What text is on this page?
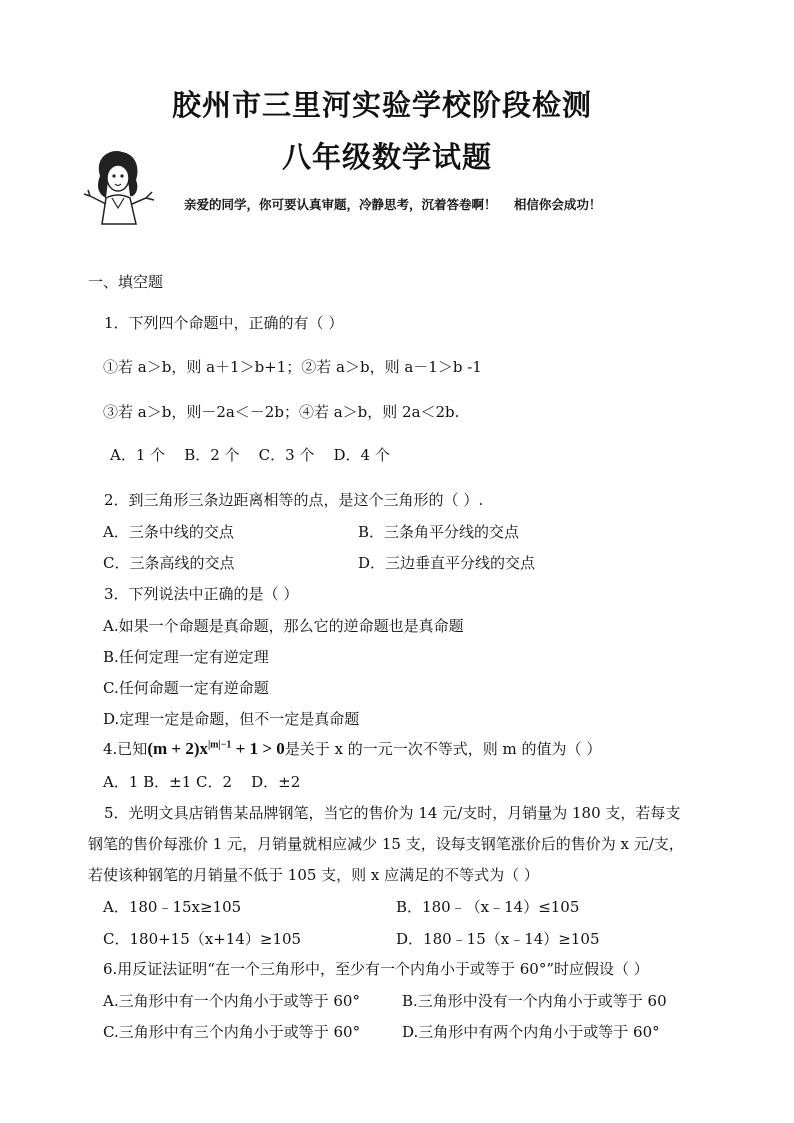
胶州市三里河实验学校阶段检测
八年级数学试题
亲爱的同学，你可要认真审题，冷静思考，沉着答卷啊！    相信你会成功！
一、填空题
1．下列四个命题中，正确的有（ ）
①若 a＞b，则 a＋1＞b+1；②若 a＞b，则 a－1＞b -1
③若 a＞b，则－2a＜－2b；④若 a＞b，则 2a＜2b.
A．1 个    B．2 个    C．3 个    D．4 个
2．到三角形三条边距离相等的点，是这个三角形的（ ）.
A．三条中线的交点	B．三条角平分线的交点
C．三条高线的交点	D．三边垂直平分线的交点
3．下列说法中正确的是（ ）
A.如果一个命题是真命题，那么它的逆命题也是真命题
B.任何定理一定有逆定理
C.任何命题一定有逆命题
D.定理一定是命题，但不一定是真命题
4.已知 $(m + 2)x^{|m|-1} + 1 > 0$ 是关于 x 的一元一次不等式，则 m 的值为（ ）
A．1 B．±1 C．2    D．±2
5．光明文具店销售某品牌钢笔，当它的售价为 14 元/支时，月销量为 180 支，若每支
钢笔的售价每涨价 1 元，月销量就相应减少 15 支，设每支钢笔涨价后的售价为 x 元/支，
若使该种钢笔的月销量不低于 105 支，则 x 应满足的不等式为（ ）
A．180﹣15x≥105	B．180﹣（x﹣14）≤105
C．180+15（x+14）≥105	D．180﹣15（x﹣14）≥105
6.用反证法证明“在一个三角形中，至少有一个内角小于或等于 60°”时应假设（ ）
A.三角形中有一个内角小于或等于 60°	B.三角形中没有一个内角小于或等于 60
C.三角形中有三个内角小于或等于 60°	D.三角形中有两个内角小于或等于 60°
